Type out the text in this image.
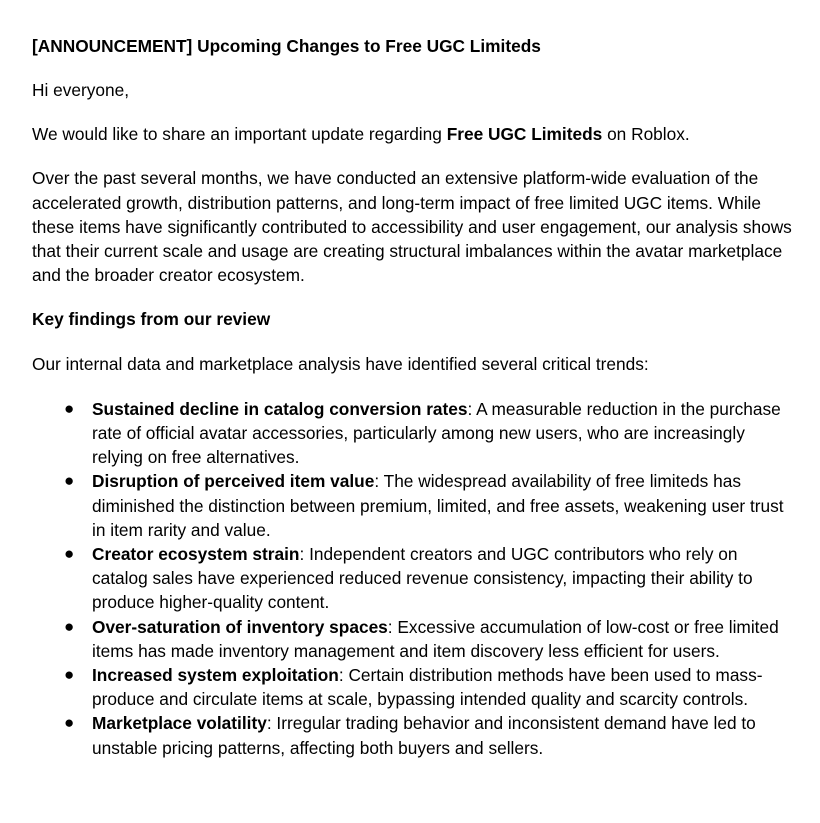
[ANNOUNCEMENT] Upcoming Changes to Free UGC Limiteds

Hi everyone,

We would like to share an important update regarding Free UGC Limiteds on Roblox.

Over the past several months, we have conducted an extensive platform-wide evaluation of the accelerated growth, distribution patterns, and long-term impact of free limited UGC items. While these items have significantly contributed to accessibility and user engagement, our analysis shows that their current scale and usage are creating structural imbalances within the avatar marketplace and the broader creator ecosystem.

Key findings from our review

Our internal data and marketplace analysis have identified several critical trends:

● Sustained decline in catalog conversion rates: A measurable reduction in the purchase rate of official avatar accessories, particularly among new users, who are increasingly relying on free alternatives.
● Disruption of perceived item value: The widespread availability of free limiteds has diminished the distinction between premium, limited, and free assets, weakening user trust in item rarity and value.
● Creator ecosystem strain: Independent creators and UGC contributors who rely on catalog sales have experienced reduced revenue consistency, impacting their ability to produce higher-quality content.
● Over-saturation of inventory spaces: Excessive accumulation of low-cost or free limited items has made inventory management and item discovery less efficient for users.
● Increased system exploitation: Certain distribution methods have been used to mass-produce and circulate items at scale, bypassing intended quality and scarcity controls.
● Marketplace volatility: Irregular trading behavior and inconsistent demand have led to unstable pricing patterns, affecting both buyers and sellers.
